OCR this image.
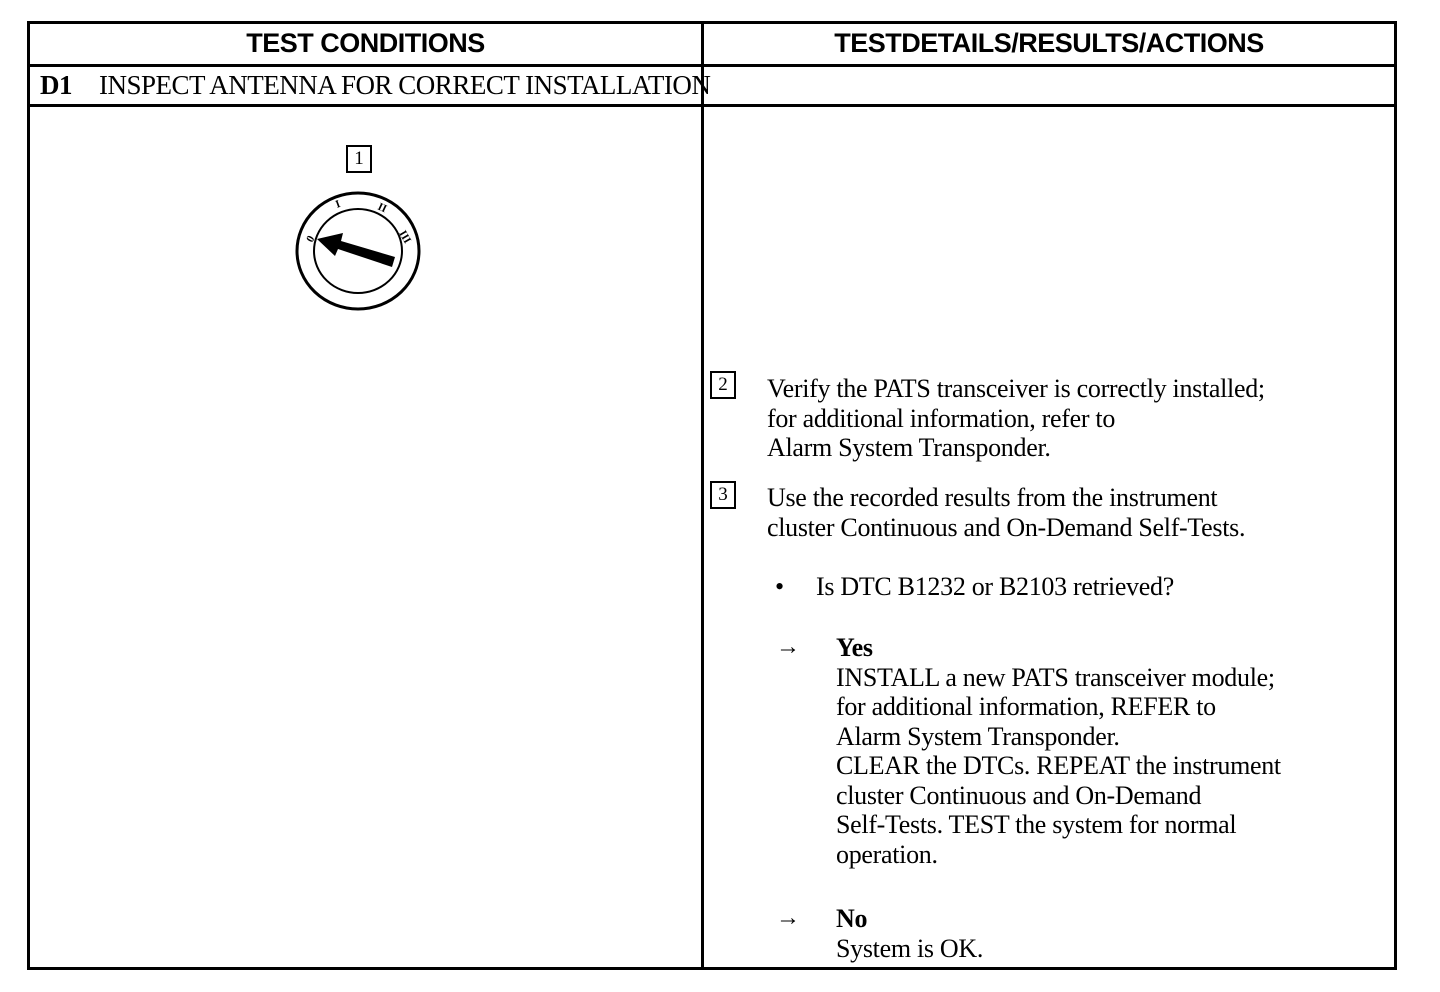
TEST CONDITIONS	TESTDETAILS/RESULTS/ACTIONS
D1 INSPECT ANTENNA FOR CORRECT INSTALLATION
1
0
I	II
III
2	Verify the PATS transceiver is correctly installed;
for additional information, refer to
Alarm System Transponder.
3	Use the recorded results from the instrument
cluster Continuous and On-Demand Self-Tests.
• Is DTC B1232 or B2103 retrieved?
→ Yes
INSTALL a new PATS transceiver module;
for additional information, REFER to
Alarm System Transponder.
CLEAR the DTCs. REPEAT the instrument
cluster Continuous and On-Demand
Self-Tests. TEST the system for normal
operation.
→ No
System is OK.
